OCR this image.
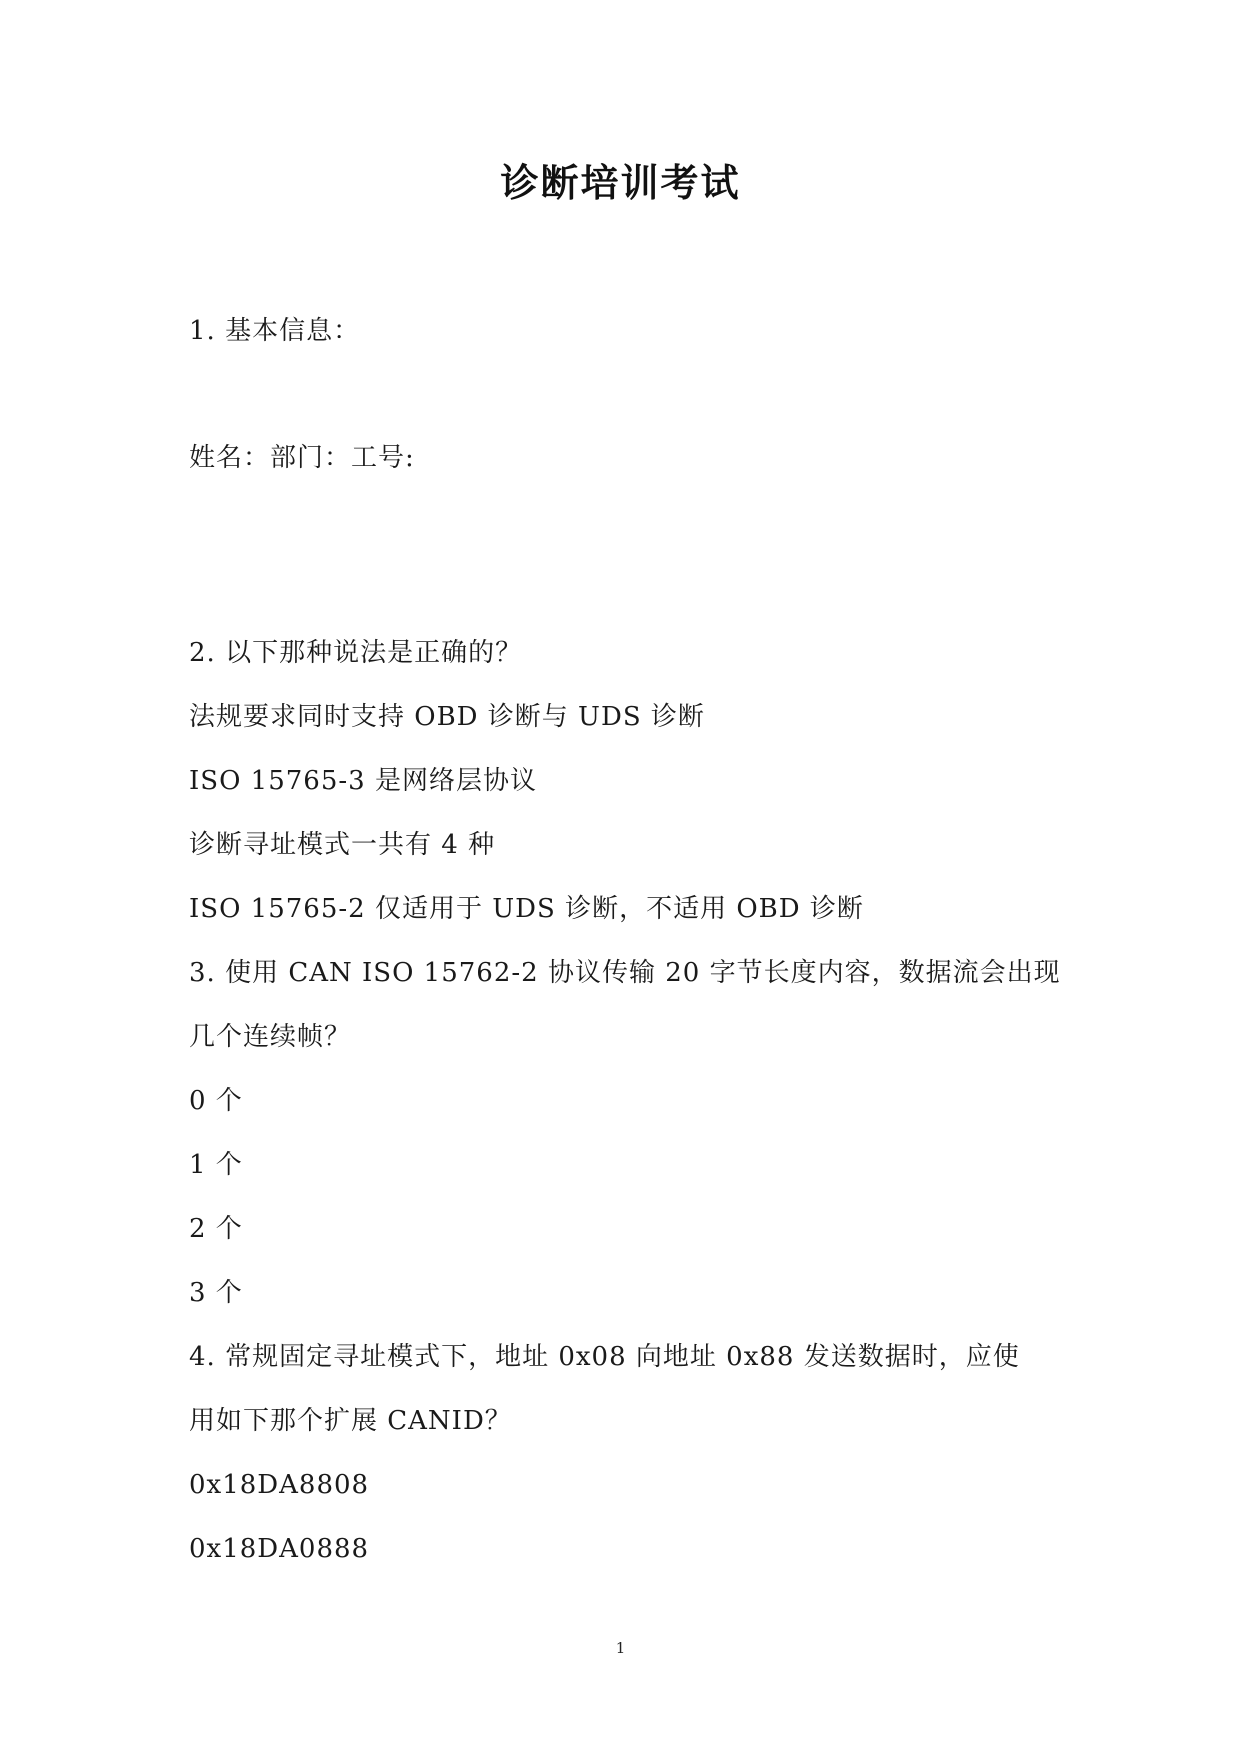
诊断培训考试
1. 基本信息：
姓名：部门：工号:
2. 以下那种说法是正确的？
法规要求同时支持 OBD 诊断与 UDS 诊断
ISO 15765-3 是网络层协议
诊断寻址模式一共有 4 种
ISO 15765-2 仅适用于 UDS 诊断，不适用 OBD 诊断
3. 使用 CAN ISO 15762-2 协议传输 20 字节长度内容，数据流会出现
几个连续帧？
0 个
1 个
2 个
3 个
4. 常规固定寻址模式下，地址 0x08 向地址 0x88 发送数据时，应使
用如下那个扩展 CANID？
0x18DA8808
0x18DA0888
1
